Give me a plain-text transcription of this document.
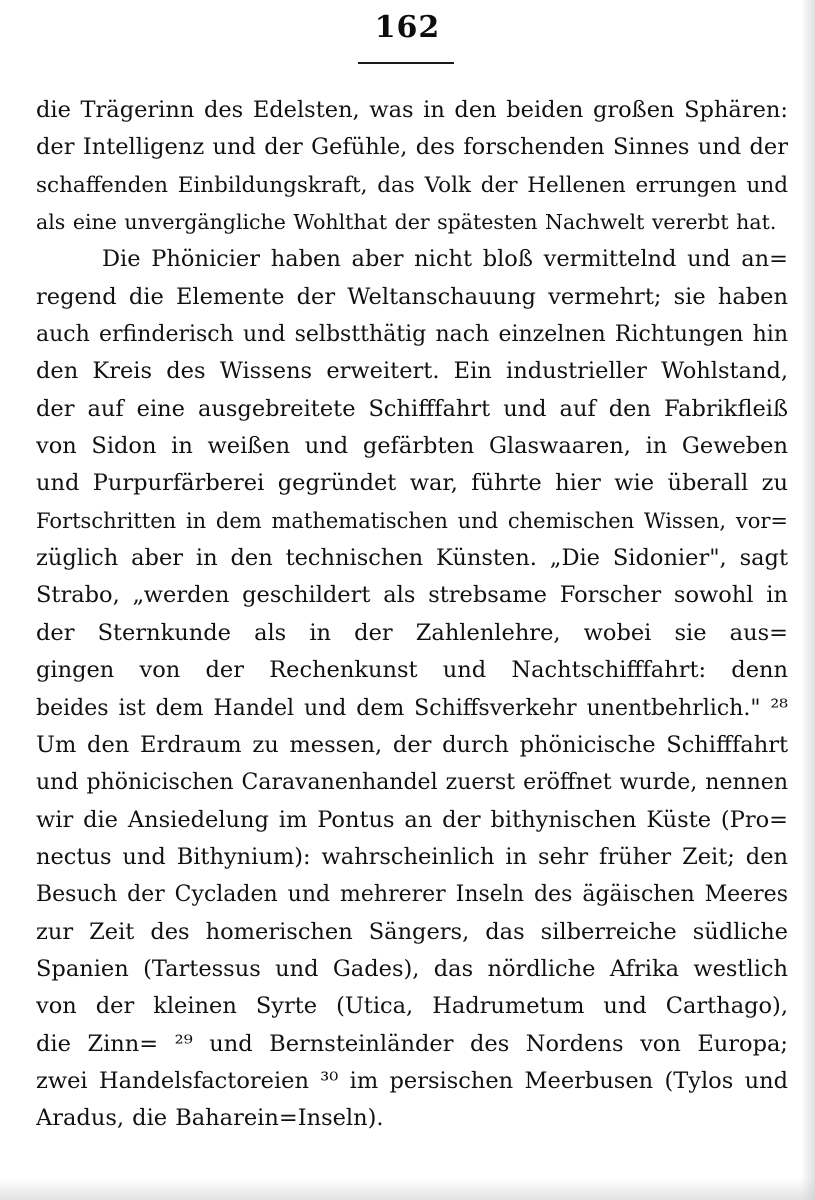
162
die Trägerinn des Edelsten, was in den beiden großen Sphären:
der Intelligenz und der Gefühle, des forschenden Sinnes und der
schaffenden Einbildungskraft, das Volk der Hellenen errungen und
als eine unvergängliche Wohlthat der spätesten Nachwelt vererbt hat.
Die Phönicier haben aber nicht bloß vermittelnd und an=
regend die Elemente der Weltanschauung vermehrt; sie haben
auch erfinderisch und selbstthätig nach einzelnen Richtungen hin
den Kreis des Wissens erweitert. Ein industrieller Wohlstand,
der auf eine ausgebreitete Schifffahrt und auf den Fabrikfleiß
von Sidon in weißen und gefärbten Glaswaaren, in Geweben
und Purpurfärberei gegründet war, führte hier wie überall zu
Fortschritten in dem mathematischen und chemischen Wissen, vor=
züglich aber in den technischen Künsten. „Die Sidonier", sagt
Strabo, „werden geschildert als strebsame Forscher sowohl in
der Sternkunde als in der Zahlenlehre, wobei sie aus=
gingen von der Rechenkunst und Nachtschifffahrt: denn
beides ist dem Handel und dem Schiffsverkehr unentbehrlich." ²⁸
Um den Erdraum zu messen, der durch phönicische Schifffahrt
und phönicischen Caravanenhandel zuerst eröffnet wurde, nennen
wir die Ansiedelung im Pontus an der bithynischen Küste (Pro=
nectus und Bithynium): wahrscheinlich in sehr früher Zeit; den
Besuch der Cycladen und mehrerer Inseln des ägäischen Meeres
zur Zeit des homerischen Sängers, das silberreiche südliche
Spanien (Tartessus und Gades), das nördliche Afrika westlich
von der kleinen Syrte (Utica, Hadrumetum und Carthago),
die Zinn= ²⁹ und Bernsteinländer des Nordens von Europa;
zwei Handelsfactoreien ³⁰ im persischen Meerbusen (Tylos und
Aradus, die Baharein=Inseln).
